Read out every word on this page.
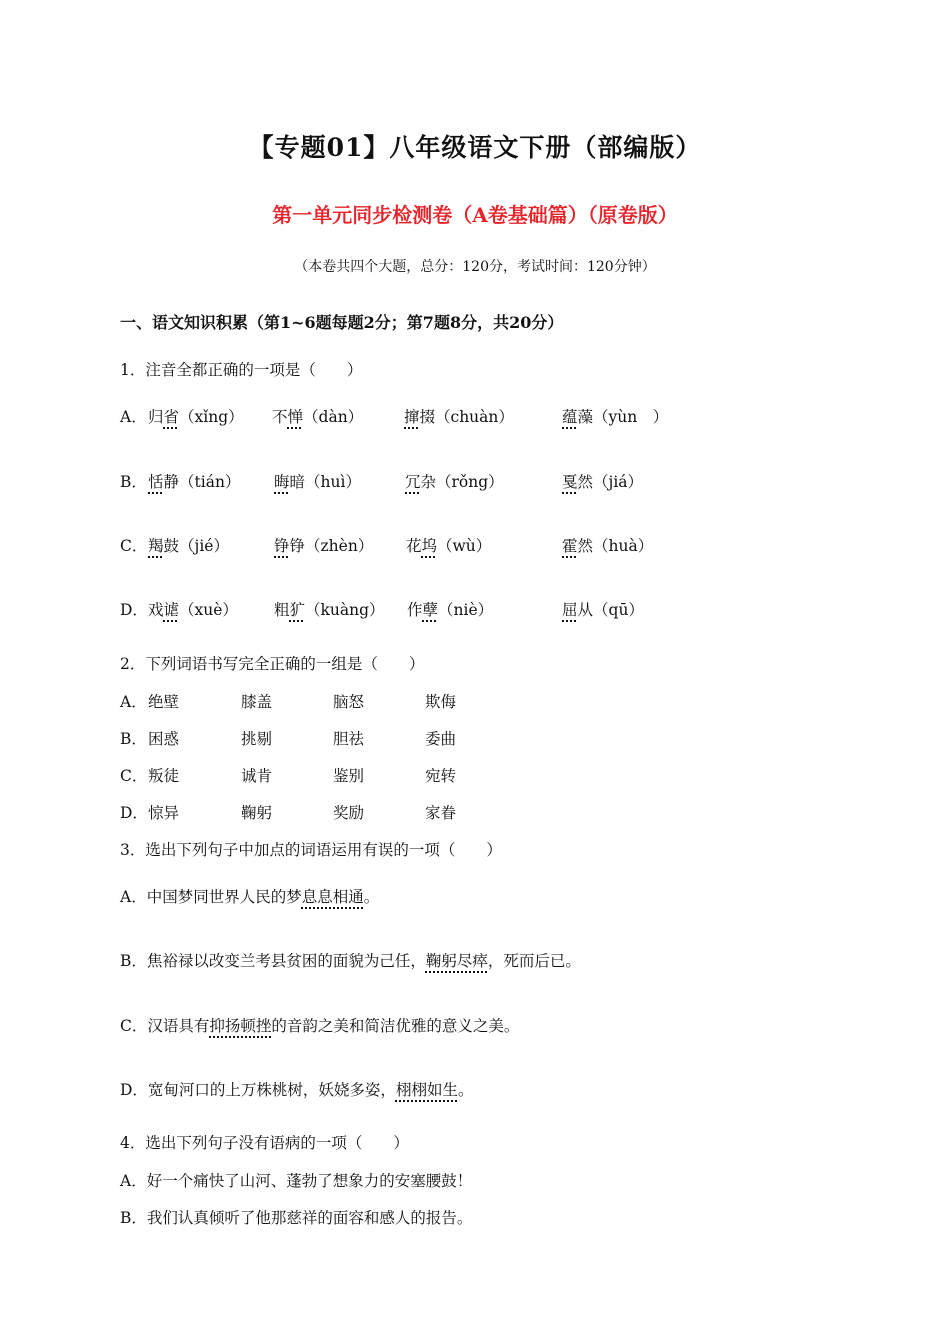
【专题01】八年级语文下册（部编版）
第一单元同步检测卷（A卷基础篇）（原卷版）
（本卷共四个大题，总分：120分，考试时间：120分钟）
一、语文知识积累（第1~6题每题2分；第7题8分，共20分）
1．注音全都正确的一项是（　　）
A． 归省（xǐng） 不惮（dàn）	撺掇（chuàn）	蕴藻（yùn　）
B． 恬静（tián） 晦暗（huì）	冗杂（rǒng）	戛然（jiá）
C． 羯鼓（jié）	铮铮（zhèn） 花坞（wù）	霍然（huà）
D． 戏谑（xuè） 粗犷（kuàng） 作孽（niè）	屈从（qū）
2．下列词语书写完全正确的一组是（　　）
A． 绝壁	膝盖	脑怒	欺侮
B． 困惑	挑剔	胆祛	委曲
C． 叛徒	诚肯	鉴别	宛转
D． 惊异	鞠躬	奖励	家眷
3．选出下列句子中加点的词语运用有误的一项（　　）
A．中国梦同世界人民的梦息息相通。
B．焦裕禄以改变兰考县贫困的面貌为己任，鞠躬尽瘁，死而后已。
C．汉语具有抑扬顿挫的音韵之美和简洁优雅的意义之美。
D．宽甸河口的上万株桃树，妖娆多姿，栩栩如生。
4．选出下列句子没有语病的一项（　　）
A．好一个痛快了山河、蓬勃了想象力的安塞腰鼓！
B．我们认真倾听了他那慈祥的面容和感人的报告。
